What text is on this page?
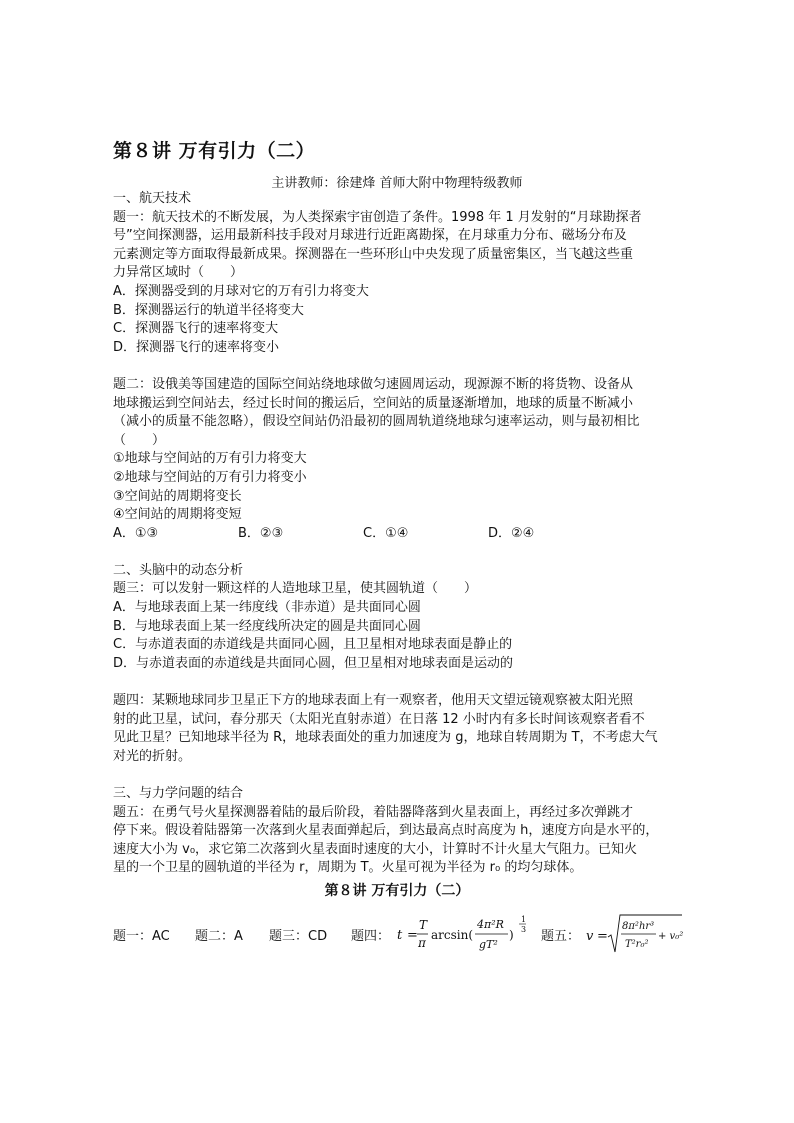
第８讲 万有引力（二）
主讲教师：徐建烽 首师大附中物理特级教师

一、航天技术

题一：航天技术的不断发展，为人类探索宇宙创造了条件。1998 年 1 月发射的“月球勘探者

号”空间探测器，运用最新科技手段对月球进行近距离勘探，在月球重力分布、磁场分布及

元素测定等方面取得最新成果。探测器在一些环形山中央发现了质量密集区，当飞越这些重

力异常区域时（　　）

A．探测器受到的月球对它的万有引力将变大

B．探测器运行的轨道半径将变大

C．探测器飞行的速率将变大

D．探测器飞行的速率将变小

题二：设俄美等国建造的国际空间站绕地球做匀速圆周运动，现源源不断的将货物、设备从

地球搬运到空间站去，经过长时间的搬运后，空间站的质量逐渐增加，地球的质量不断减小

（减小的质量不能忽略），假设空间站仍沿最初的圆周轨道绕地球匀速率运动，则与最初相比

（　　）

①地球与空间站的万有引力将变大

②地球与空间站的万有引力将变小

③空间站的周期将变长

④空间站的周期将变短

A．①③	B．②③	C．①④	D．②④

二、头脑中的动态分析

题三：可以发射一颗这样的人造地球卫星，使其圆轨道（　　）

A．与地球表面上某一纬度线（非赤道）是共面同心圆

B．与地球表面上某一经度线所决定的圆是共面同心圆

C．与赤道表面的赤道线是共面同心圆，且卫星相对地球表面是静止的

D．与赤道表面的赤道线是共面同心圆，但卫星相对地球表面是运动的

题四：某颗地球同步卫星正下方的地球表面上有一观察者，他用天文望远镜观察被太阳光照

射的此卫星，试问，春分那天（太阳光直射赤道）在日落 12 小时内有多长时间该观察者看不

见此卫星？已知地球半径为 R，地球表面处的重力加速度为 g，地球自转周期为 T，不考虑大气

对光的折射。

三、与力学问题的结合

题五：在勇气号火星探测器着陆的最后阶段，着陆器降落到火星表面上，再经过多次弹跳才

停下来。假设着陆器第一次落到火星表面弹起后，到达最高点时高度为 h，速度方向是水平的，

速度大小为 v₀，求它第二次落到火星表面时速度的大小，计算时不计火星大气阻力。已知火

星的一个卫星的圆轨道的半径为 r，周期为 T。火星可视为半径为 r₀ 的均匀球体。

第８讲 万有引力（二）
题一：AC 题二：A 题三：CD 题四： t =
T
π
arcsin(
4π²R
gT²
)
1
3 题五： v =
8π²hr³
T²r₀²
+ v₀²
